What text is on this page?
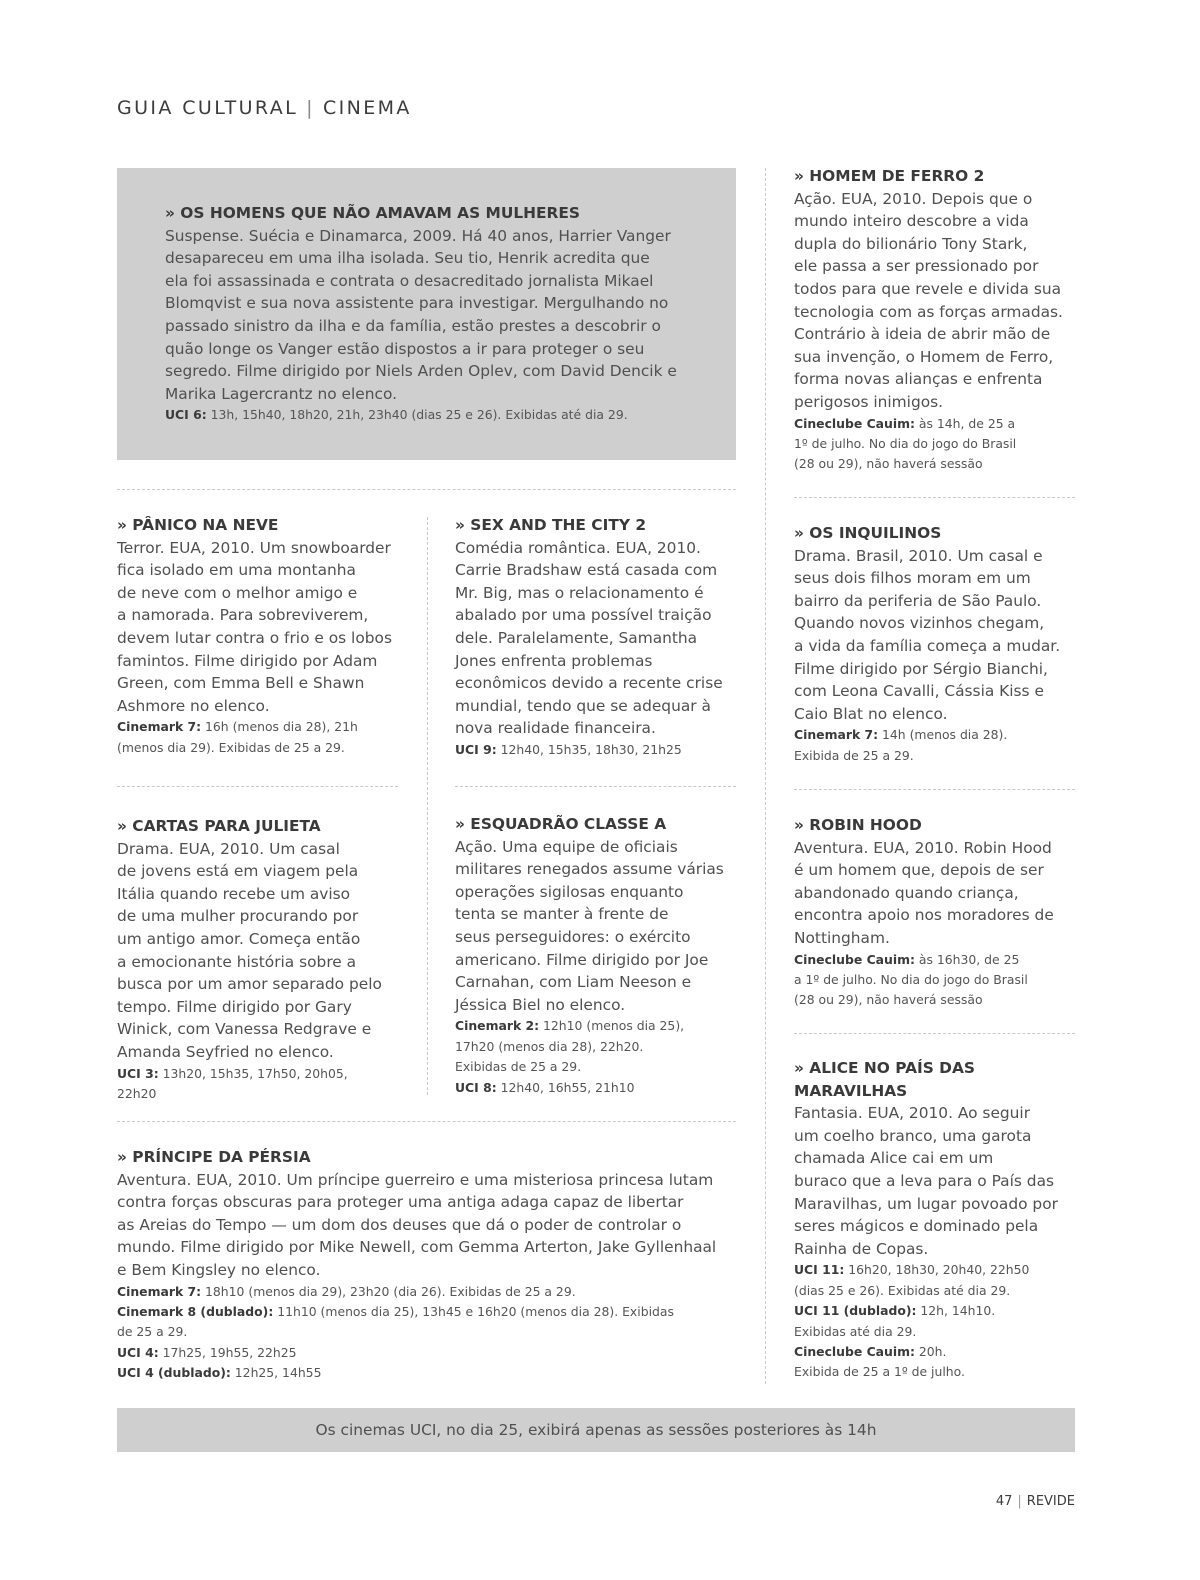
GUIA CULTURAL | CINEMA
» OS HOMENS QUE NÃO AMAVAM AS MULHERES
Suspense. Suécia e Dinamarca, 2009. Há 40 anos, Harrier Vanger
desapareceu em uma ilha isolada. Seu tio, Henrik acredita que
ela foi assassinada e contrata o desacreditado jornalista Mikael
Blomqvist e sua nova assistente para investigar. Mergulhando no
passado sinistro da ilha e da família, estão prestes a descobrir o
quão longe os Vanger estão dispostos a ir para proteger o seu
segredo. Filme dirigido por Niels Arden Oplev, com David Dencik e
Marika Lagercrantz no elenco.
UCI 6: 13h, 15h40, 18h20, 21h, 23h40 (dias 25 e 26). Exibidas até dia 29.
» PÂNICO NA NEVE
Terror. EUA, 2010. Um snowboarder
fica isolado em uma montanha
de neve com o melhor amigo e
a namorada. Para sobreviverem,
devem lutar contra o frio e os lobos
famintos. Filme dirigido por Adam
Green, com Emma Bell e Shawn
Ashmore no elenco.
Cinemark 7: 16h (menos dia 28), 21h
(menos dia 29). Exibidas de 25 a 29.
» SEX AND THE CITY 2
Comédia romântica. EUA, 2010.
Carrie Bradshaw está casada com
Mr. Big, mas o relacionamento é
abalado por uma possível traição
dele. Paralelamente, Samantha
Jones enfrenta problemas
econômicos devido a recente crise
mundial, tendo que se adequar à
nova realidade financeira.
UCI 9: 12h40, 15h35, 18h30, 21h25
» CARTAS PARA JULIETA
Drama. EUA, 2010. Um casal
de jovens está em viagem pela
Itália quando recebe um aviso
de uma mulher procurando por
um antigo amor. Começa então
a emocionante história sobre a
busca por um amor separado pelo
tempo. Filme dirigido por Gary
Winick, com Vanessa Redgrave e
Amanda Seyfried no elenco.
UCI 3: 13h20, 15h35, 17h50, 20h05,
22h20
» ESQUADRÃO CLASSE A
Ação. Uma equipe de oficiais
militares renegados assume várias
operações sigilosas enquanto
tenta se manter à frente de
seus perseguidores: o exército
americano. Filme dirigido por Joe
Carnahan, com Liam Neeson e
Jéssica Biel no elenco.
Cinemark 2: 12h10 (menos dia 25),
17h20 (menos dia 28), 22h20.
Exibidas de 25 a 29.
UCI 8: 12h40, 16h55, 21h10
» PRÍNCIPE DA PÉRSIA
Aventura. EUA, 2010. Um príncipe guerreiro e uma misteriosa princesa lutam
contra forças obscuras para proteger uma antiga adaga capaz de libertar
as Areias do Tempo — um dom dos deuses que dá o poder de controlar o
mundo. Filme dirigido por Mike Newell, com Gemma Arterton, Jake Gyllenhaal
e Bem Kingsley no elenco.
Cinemark 7: 18h10 (menos dia 29), 23h20 (dia 26). Exibidas de 25 a 29.
Cinemark 8 (dublado): 11h10 (menos dia 25), 13h45 e 16h20 (menos dia 28). Exibidas
de 25 a 29.
UCI 4: 17h25, 19h55, 22h25
UCI 4 (dublado): 12h25, 14h55
» HOMEM DE FERRO 2
Ação. EUA, 2010. Depois que o
mundo inteiro descobre a vida
dupla do bilionário Tony Stark,
ele passa a ser pressionado por
todos para que revele e divida sua
tecnologia com as forças armadas.
Contrário à ideia de abrir mão de
sua invenção, o Homem de Ferro,
forma novas alianças e enfrenta
perigosos inimigos.
Cineclube Cauim: às 14h, de 25 a
1º de julho. No dia do jogo do Brasil
(28 ou 29), não haverá sessão
» OS INQUILINOS
Drama. Brasil, 2010. Um casal e
seus dois filhos moram em um
bairro da periferia de São Paulo.
Quando novos vizinhos chegam,
a vida da família começa a mudar.
Filme dirigido por Sérgio Bianchi,
com Leona Cavalli, Cássia Kiss e
Caio Blat no elenco.
Cinemark 7: 14h (menos dia 28).
Exibida de 25 a 29.
» ROBIN HOOD
Aventura. EUA, 2010. Robin Hood
é um homem que, depois de ser
abandonado quando criança,
encontra apoio nos moradores de
Nottingham.
Cineclube Cauim: às 16h30, de 25
a 1º de julho. No dia do jogo do Brasil
(28 ou 29), não haverá sessão
» ALICE NO PAÍS DAS
MARAVILHAS
Fantasia. EUA, 2010. Ao seguir
um coelho branco, uma garota
chamada Alice cai em um
buraco que a leva para o País das
Maravilhas, um lugar povoado por
seres mágicos e dominado pela
Rainha de Copas.
UCI 11: 16h20, 18h30, 20h40, 22h50
(dias 25 e 26). Exibidas até dia 29.
UCI 11 (dublado): 12h, 14h10.
Exibidas até dia 29.
Cineclube Cauim: 20h.
Exibida de 25 a 1º de julho.
Os cinemas UCI, no dia 25, exibirá apenas as sessões posteriores às 14h
47 | REVIDE
